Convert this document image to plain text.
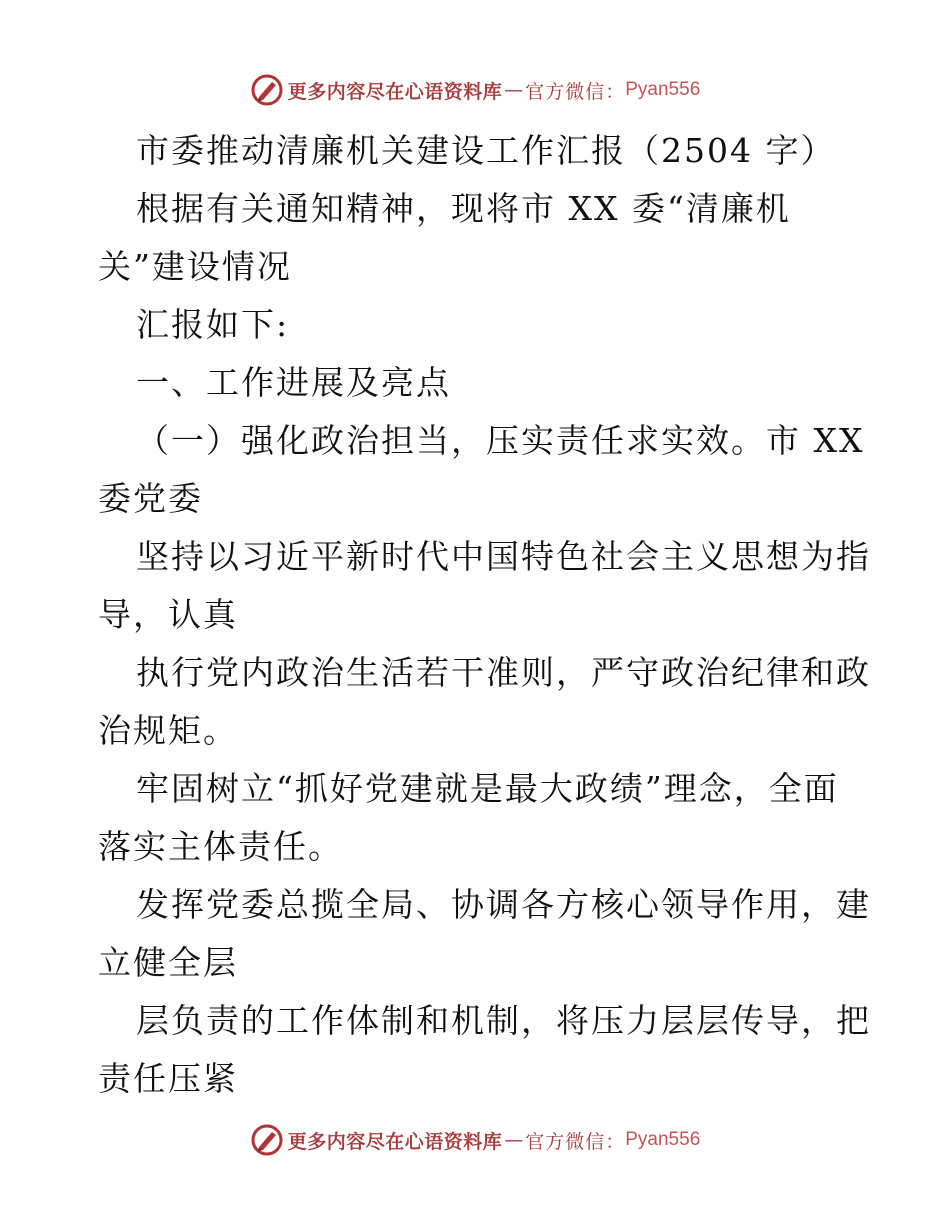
更多内容尽在心语资料库 — 官方微信： Pyan556
市委推动清廉机关建设工作汇报（2504 字）
根据有关通知精神，现将市 XX 委“清廉机
关”建设情况
汇报如下:
一、工作进展及亮点
（一）强化政治担当，压实责任求实效。市 XX
委党委
坚持以习近平新时代中国特色社会主义思想为指
导，认真
执行党内政治生活若干准则，严守政治纪律和政
治规矩。
牢固树立“抓好党建就是最大政绩”理念，全面
落实主体责任。
发挥党委总揽全局、协调各方核心领导作用，建
立健全层
层负责的工作体制和机制，将压力层层传导，把
责任压紧
更多内容尽在心语资料库 — 官方微信： Pyan556
